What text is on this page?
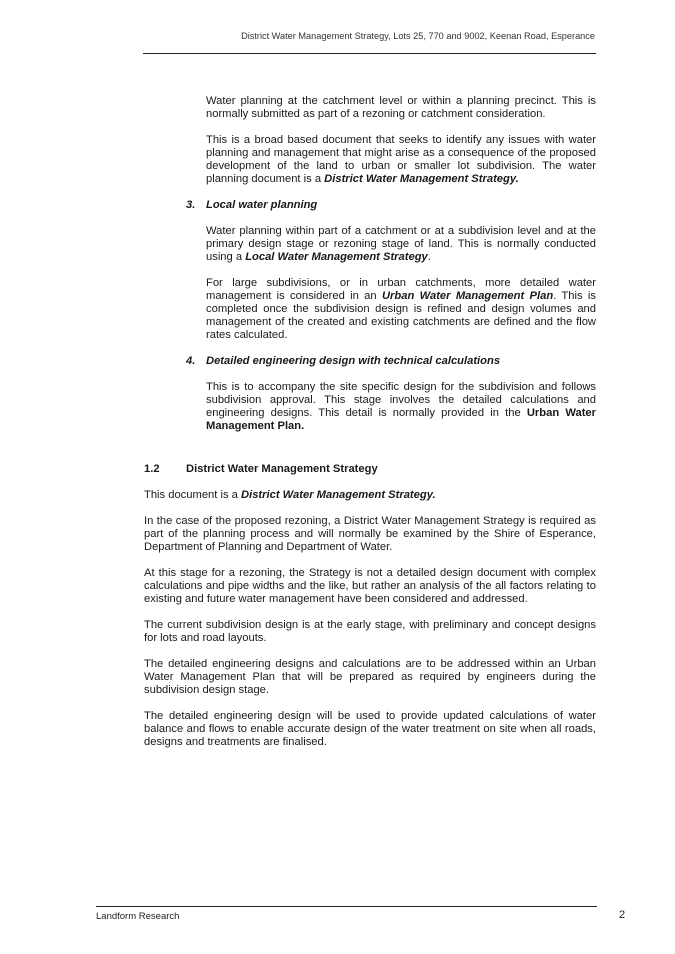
District Water Management Strategy, Lots 25, 770 and 9002, Keenan Road, Esperance

Water planning at the catchment level or within a planning precinct. This is normally submitted as part of a rezoning or catchment consideration.

This is a broad based document that seeks to identify any issues with water planning and management that might arise as a consequence of the proposed development of the land to urban or smaller lot subdivision. The water planning document is a District Water Management Strategy.

3. Local water planning

Water planning within part of a catchment or at a subdivision level and at the primary design stage or rezoning stage of land. This is normally conducted using a Local Water Management Strategy.

For large subdivisions, or in urban catchments, more detailed water management is considered in an Urban Water Management Plan. This is completed once the subdivision design is refined and design volumes and management of the created and existing catchments are defined and the flow rates calculated.

4. Detailed engineering design with technical calculations

This is to accompany the site specific design for the subdivision and follows subdivision approval. This stage involves the detailed calculations and engineering designs. This detail is normally provided in the Urban Water Management Plan.

1.2	District Water Management Strategy

This document is a District Water Management Strategy.

In the case of the proposed rezoning, a District Water Management Strategy is required as part of the planning process and will normally be examined by the Shire of Esperance, Department of Planning and Department of Water.

At this stage for a rezoning, the Strategy is not a detailed design document with complex calculations and pipe widths and the like, but rather an analysis of the all factors relating to existing and future water management have been considered and addressed.

The current subdivision design is at the early stage, with preliminary and concept designs for lots and road layouts.

The detailed engineering designs and calculations are to be addressed within an Urban Water Management Plan that will be prepared as required by engineers during the subdivision design stage.

The detailed engineering design will be used to provide updated calculations of water balance and flows to enable accurate design of the water treatment on site when all roads, designs and treatments are finalised.

Landform Research	2
